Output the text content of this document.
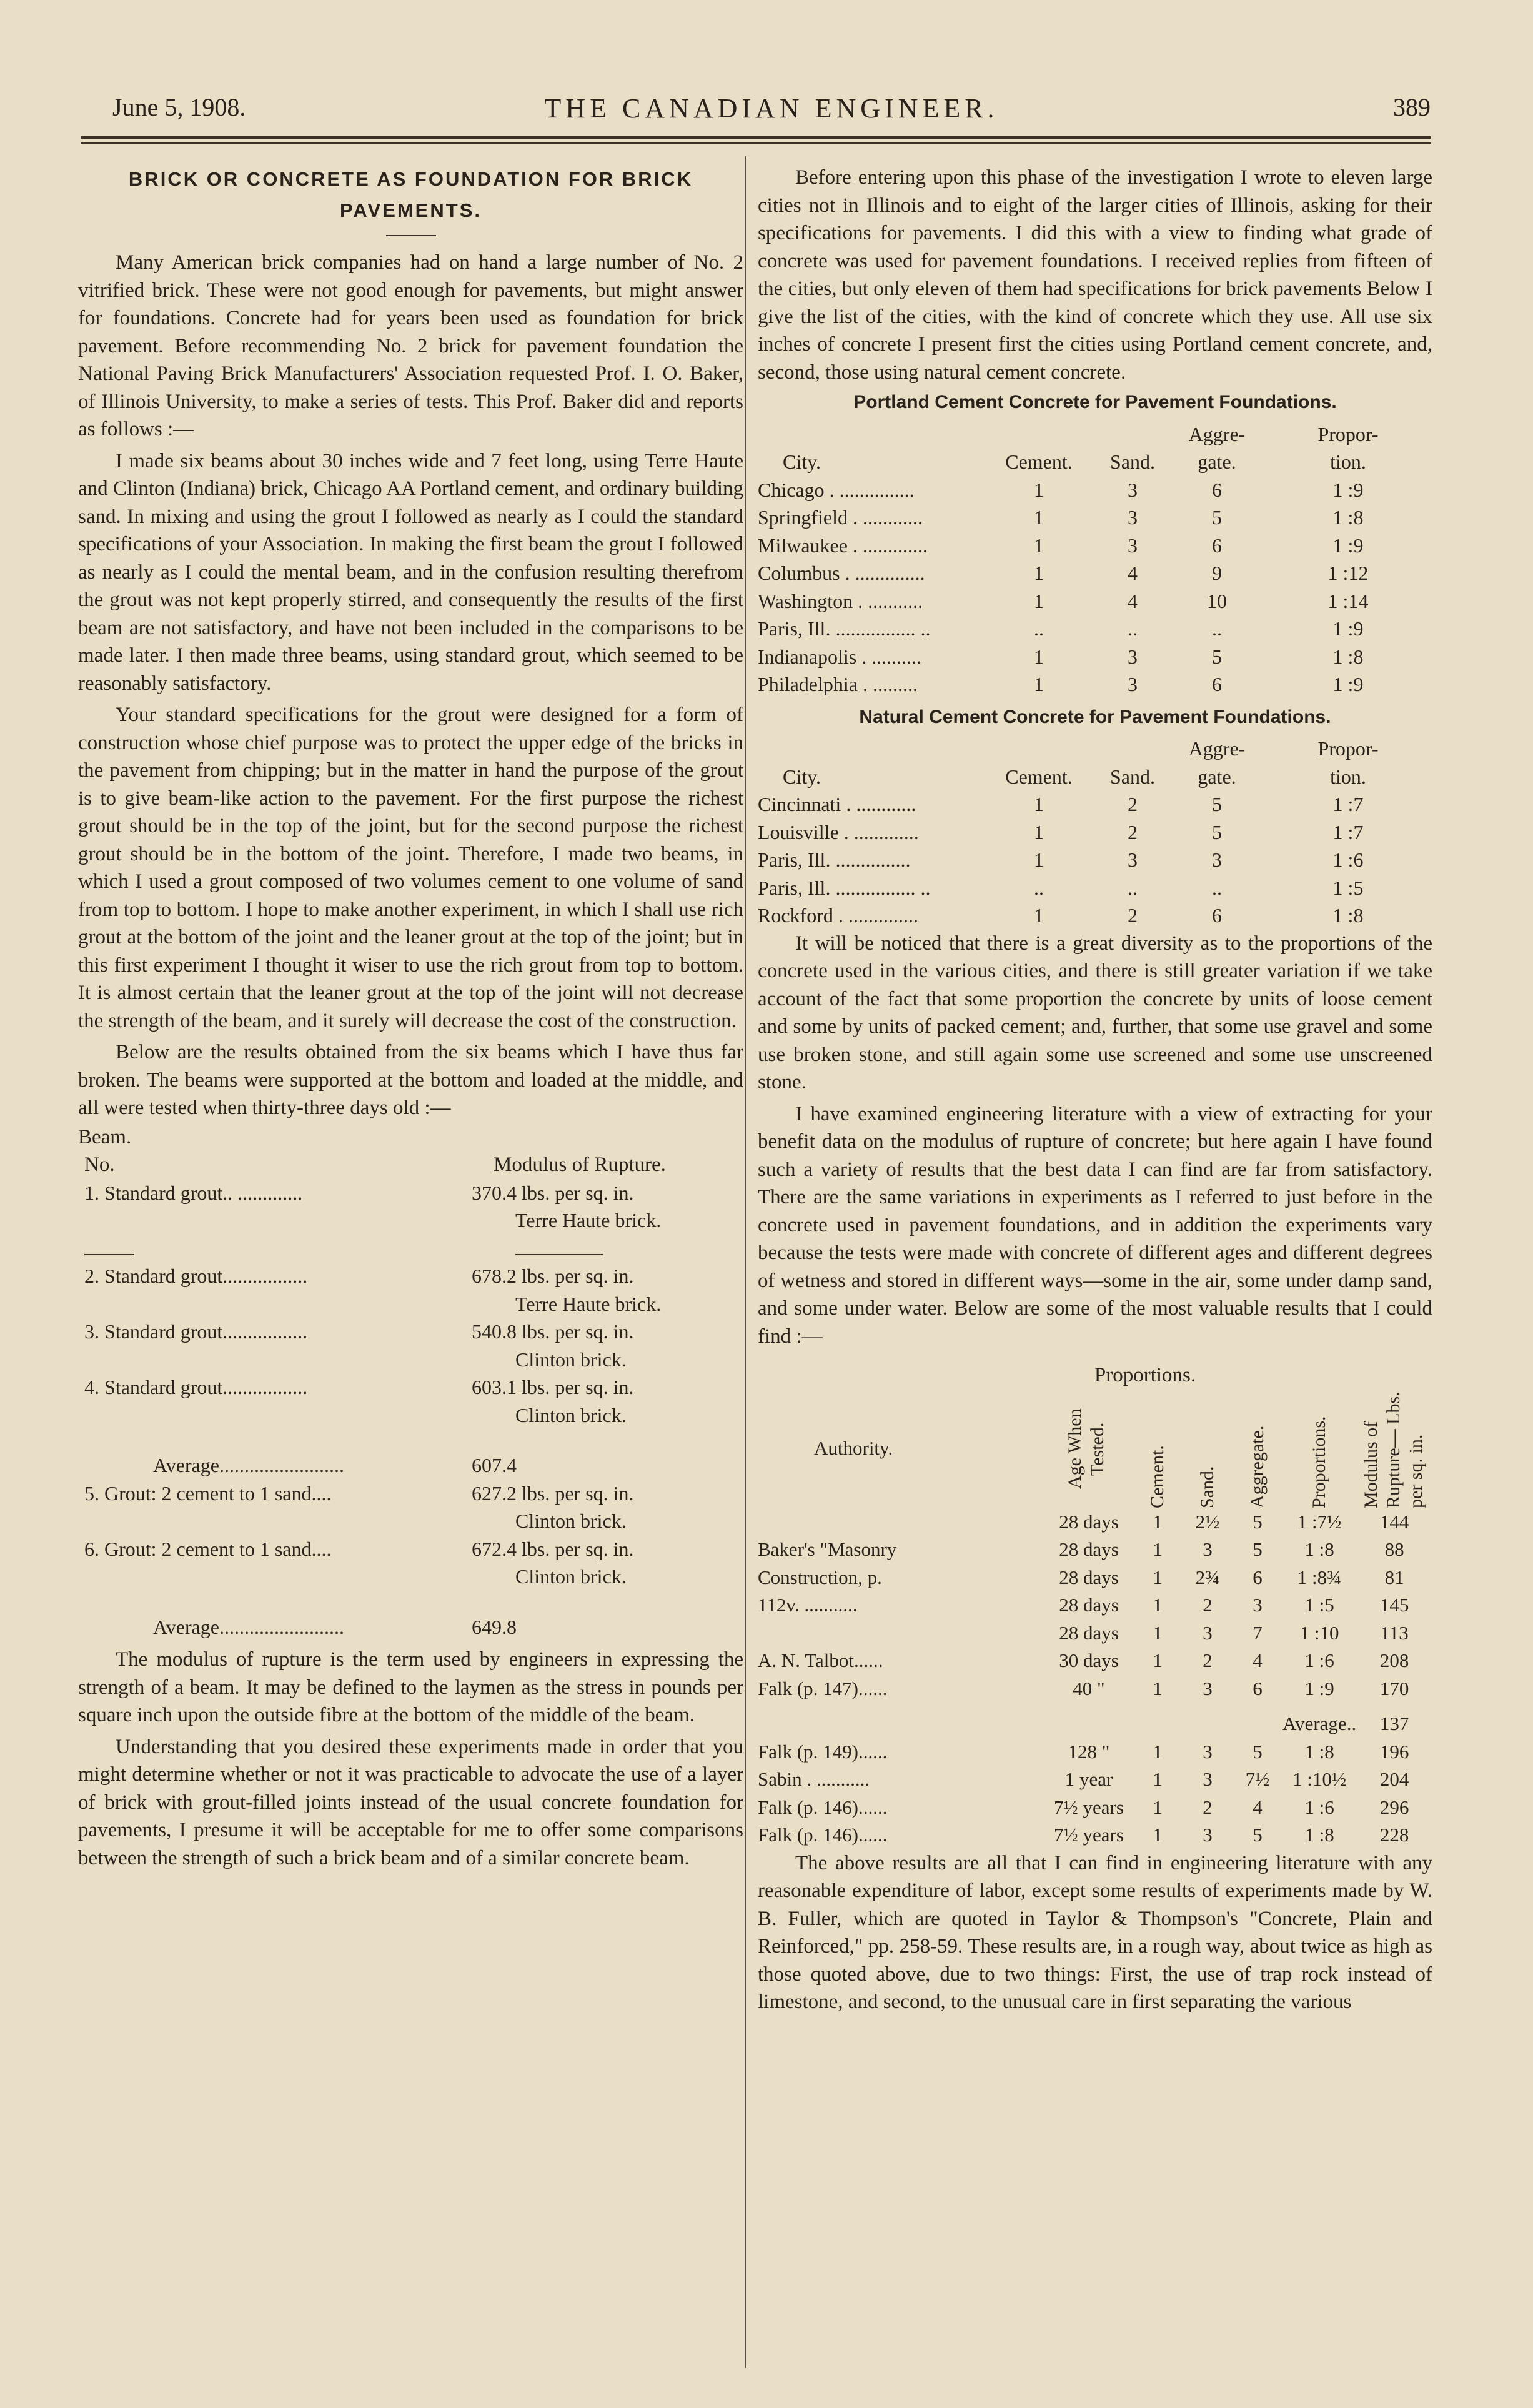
June 5, 1908.	THE CANADIAN ENGINEER.	389
BRICK OR CONCRETE AS FOUNDATION FOR BRICK PAVEMENTS.

Many American brick companies had on hand a large number of No. 2 vitrified brick. These were not good enough for pavements, but might answer for foundations. Concrete had for years been used as foundation for brick pavement. Before recommending No. 2 brick for pavement foundation the National Paving Brick Manufacturers' Association requested Prof. I. O. Baker, of Illinois University, to make a series of tests. This Prof. Baker did and reports as follows :—

I made six beams about 30 inches wide and 7 feet long, using Terre Haute and Clinton (Indiana) brick, Chicago AA Portland cement, and ordinary building sand. In mixing and using the grout I followed as nearly as I could the standard specifications of your Association. In making the first beam the grout I followed as nearly as I could the mental beam, and in the confusion resulting therefrom the grout was not kept properly stirred, and consequently the results of the first beam are not satisfactory, and have not been included in the comparisons to be made later. I then made three beams, using standard grout, which seemed to be reasonably satisfactory.

Your standard specifications for the grout were designed for a form of construction whose chief purpose was to protect the upper edge of the bricks in the pavement from chipping; but in the matter in hand the purpose of the grout is to give beam-like action to the pavement. For the first purpose the richest grout should be in the top of the joint, but for the second purpose the richest grout should be in the bottom of the joint. Therefore, I made two beams, in which I used a grout composed of two volumes cement to one volume of sand from top to bottom. I hope to make another experiment, in which I shall use rich grout at the bottom of the joint and the leaner grout at the top of the joint; but in this first experiment I thought it wiser to use the rich grout from top to bottom. It is almost certain that the leaner grout at the top of the joint will not decrease the strength of the beam, and it surely will decrease the cost of the construction.

Below are the results obtained from the six beams which I have thus far broken. The beams were supported at the bottom and loaded at the middle, and all were tested when thirty-three days old :—

Beam.
No.	Modulus of Rupture.
1. Standard grout.. .............	370.4 lbs. per sq. in.
	Terre Haute brick.

2. Standard grout.................	678.2 lbs. per sq. in.
	Terre Haute brick.
3. Standard grout.................	540.8 lbs. per sq. in.
	Clinton brick.
4. Standard grout.................	603.1 lbs. per sq. in.
	Clinton brick.

Average.........................	607.4
5. Grout: 2 cement to 1 sand....	627.2 lbs. per sq. in.
	Clinton brick.
6. Grout: 2 cement to 1 sand....	672.4 lbs. per sq. in.
	Clinton brick.

Average.........................	649.8

The modulus of rupture is the term used by engineers in expressing the strength of a beam. It may be defined to the laymen as the stress in pounds per square inch upon the outside fibre at the bottom of the middle of the beam.

Understanding that you desired these experiments made in order that you might determine whether or not it was practicable to advocate the use of a layer of brick with grout-filled joints instead of the usual concrete foundation for pavements, I presume it will be acceptable for me to offer some comparisons between the strength of such a brick beam and of a similar concrete beam.

Before entering upon this phase of the investigation I wrote to eleven large cities not in Illinois and to eight of the larger cities of Illinois, asking for their specifications for pavements. I did this with a view to finding what grade of concrete was used for pavement foundations. I received replies from fifteen of the cities, but only eleven of them had specifications for brick pavements Below I give the list of the cities, with the kind of concrete which they use. All use six inches of concrete I present first the cities using Portland cement concrete, and, second, those using natural cement concrete.

Portland Cement Concrete for Pavement Foundations.
			Aggre-	Propor-
City.	Cement.	Sand.	gate.	tion.
Chicago . ...............	1	3	6	1 :9
Springfield . ............	1	3	5	1 :8
Milwaukee . .............	1	3	6	1 :9
Columbus . ..............	1	4	9	1 :12
Washington . ...........	1	4	10	1 :14
Paris, Ill. ................ ..	..	..	..	1 :9
Indianapolis . ..........	1	3	5	1 :8
Philadelphia . .........	1	3	6	1 :9
Natural Cement Concrete for Pavement Foundations.
			Aggre-	Propor-
City.	Cement.	Sand.	gate.	tion.
Cincinnati . ............	1	2	5	1 :7
Louisville . .............	1	2	5	1 :7
Paris, Ill. ...............	1	3	3	1 :6
Paris, Ill. ................ ..	..	..	..	1 :5
Rockford . ..............	1	2	6	1 :8

It will be noticed that there is a great diversity as to the proportions of the concrete used in the various cities, and there is still greater variation if we take account of the fact that some proportion the concrete by units of loose cement and some by units of packed cement; and, further, that some use gravel and some use broken stone, and still again some use screened and some use unscreened stone.

I have examined engineering literature with a view of extracting for your benefit data on the modulus of rupture of concrete; but here again I have found such a variety of results that the best data I can find are far from satisfactory. There are the same variations in experiments as I referred to just before in the concrete used in pavement foundations, and in addition the experiments vary because the tests were made with concrete of different ages and different degrees of wetness and stored in different ways—some in the air, some under damp sand, and some under water. Below are some of the most valuable results that I could find :—

Proportions.
Authority.	Age When Tested.	Cement.	Sand.	Aggregate.	Proportions.	Modulus of Rupture— Lbs. per sq. in.

	28 days	1	2½	5	1 :7½	144
Baker's "Masonry	28 days	1	3	5	1 :8	88
Construction, p.	28 days	1	2¾	6	1 :8¾	81
112v. ...........	28 days	1	2	3	1 :5	145
	28 days	1	3	7	1 :10	113
A. N. Talbot......	30 days	1	2	4	1 :6	208
Falk (p. 147)......	40 "	1	3	6	1 :9	170
					Average..	137
Falk (p. 149)......	128 "	1	3	5	1 :8	196
Sabin . ...........	1 year	1	3	7½	1 :10½	204
Falk (p. 146)......	7½ years	1	2	4	1 :6	296
Falk (p. 146)......	7½ years	1	3	5	1 :8	228

The above results are all that I can find in engineering literature with any reasonable expenditure of labor, except some results of experiments made by W. B. Fuller, which are quoted in Taylor & Thompson's "Concrete, Plain and Reinforced," pp. 258-59. These results are, in a rough way, about twice as high as those quoted above, due to two things: First, the use of trap rock instead of limestone, and second, to the unusual care in first separating the various
